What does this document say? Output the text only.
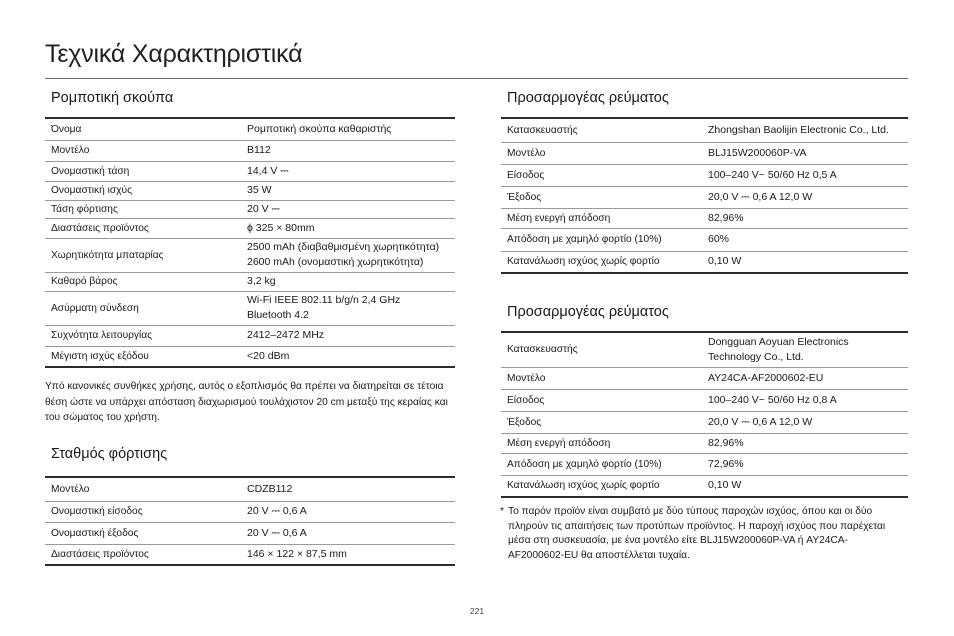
Τεχνικά Χαρακτηριστικά
Ρομποτική σκούπα
Όνομα	Ρομποτική σκούπα καθαριστής

Μοντέλο	B112

Ονομαστική τάση	14,4 V ⎓

Ονομαστική ισχύς	35 W

Τάση φόρτισης	20 V ⎓

Διαστάσεις προϊόντος	ϕ 325 × 80mm

Χωρητικότητα μπαταρίας	2500 mAh (διαβαθμισμένη χωρητικότητα)
2600 mAh (ονομαστική χωρητικότητα)

Καθαρό βάρος	3,2 kg

Ασύρματη σύνδεση	Wi-Fi IEEE 802.11 b/g/n 2,4 GHz
Bluetooth 4.2

Συχνότητα λειτουργίας	2412–2472 MHz

Μέγιστη ισχύς εξόδου	<20 dBm

Υπό κανονικές συνθήκες χρήσης, αυτός ο εξοπλισμός θα πρέπει να διατηρείται σε τέτοια θέση ώστε να υπάρχει απόσταση διαχωρισμού τουλάχιστον 20 cm μεταξύ της κεραίας και του σώματος του χρήστη.

Σταθμός φόρτισης
Μοντέλο	CDZB112

Ονομαστική είσοδος	20 V ⎓ 0,6 A

Ονομαστική έξοδος	20 V ⎓ 0,6 A

Διαστάσεις προϊόντος	146 × 122 × 87,5 mm
Προσαρμογέας ρεύματος
Κατασκευαστής	Zhongshan Baolijin Electronic Co., Ltd.

Μοντέλο	BLJ15W200060P-VA

Είσοδος	100–240 V~ 50/60 Hz 0,5 A

Έξοδος	20,0 V ⎓ 0,6 A 12,0 W

Μέση ενεργή απόδοση	82,96%

Απόδοση με χαμηλό φορτίο (10%)	60%

Κατανάλωση ισχύος χωρίς φορτίο	0,10 W
Προσαρμογέας ρεύματος
Κατασκευαστής	Dongguan Aoyuan Electronics
Technology Co., Ltd.

Μοντέλο	AY24CA-AF2000602-EU

Είσοδος	100–240 V~ 50/60 Hz 0,8 A

Έξοδος	20,0 V ⎓ 0,6 A 12,0 W

Μέση ενεργή απόδοση	82,96%

Απόδοση με χαμηλό φορτίο (10%)	72,96%

Κατανάλωση ισχύος χωρίς φορτίο	0,10 W
* Το παρόν προϊόν είναι συμβατό με δύο τύπους παροχών ισχύος, όπου και οι δύο πληρούν τις απαιτήσεις των προτύπων προϊόντος. Η παροχή ισχύος που παρέχεται μέσα στη συσκευασία, με ένα μοντέλο είτε BLJ15W200060P-VA ή AY24CA-AF2000602-EU θα αποστέλλεται τυχαία.
221
